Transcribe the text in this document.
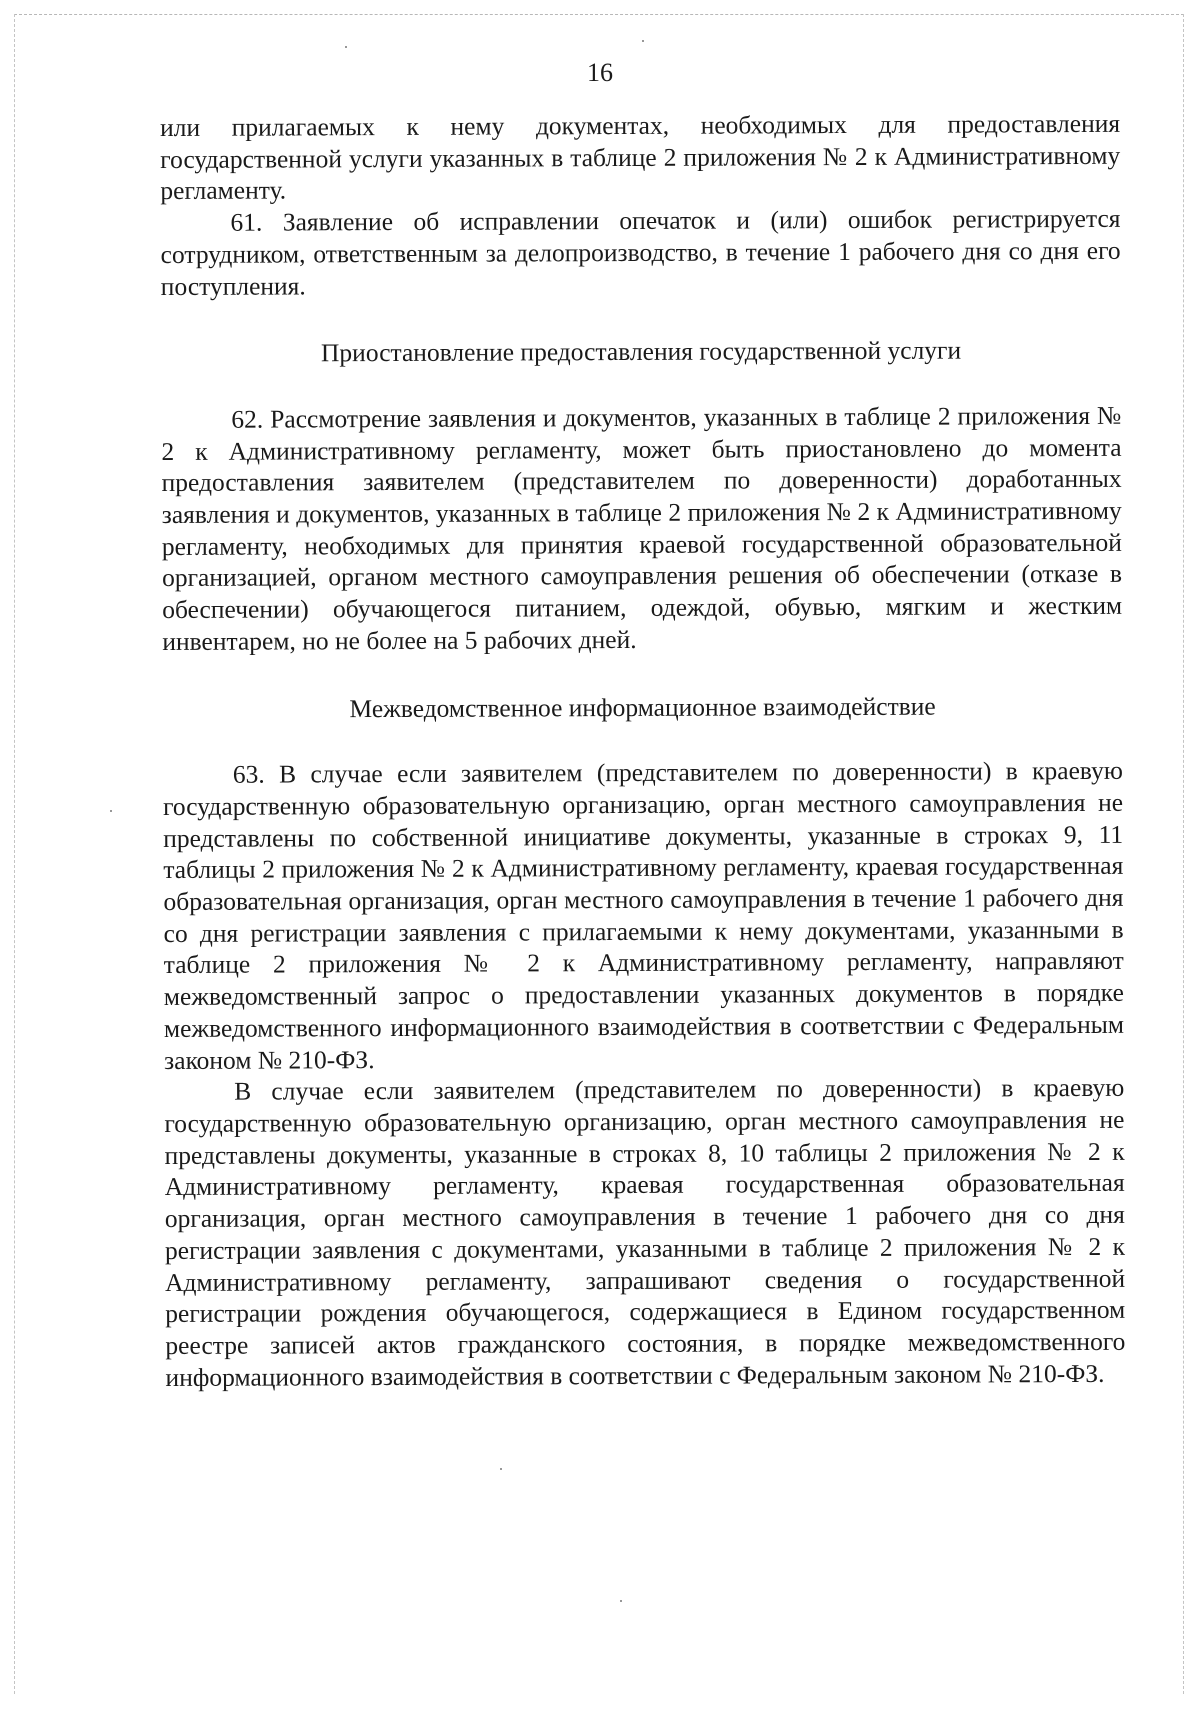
16

или прилагаемых к нему документах, необходимых для предоставления государственной услуги указанных в таблице 2 приложения № 2 к Административному регламенту.

61. Заявление об исправлении опечаток и (или) ошибок регистрируется сотрудником, ответственным за делопроизводство, в течение 1 рабочего дня со дня его поступления.

Приостановление предоставления государственной услуги

62. Рассмотрение заявления и документов, указанных в таблице 2 приложения № 2 к Административному регламенту, может быть приостановлено до момента предоставления заявителем (представителем по доверенности) доработанных заявления и документов, указанных в таблице 2 приложения № 2 к Административному регламенту, необходимых для принятия краевой государственной образовательной организацией, органом местного самоуправления решения об обеспечении (отказе в обеспечении) обучающегося питанием, одеждой, обувью, мягким и жестким инвентарем, но не более на 5 рабочих дней.

Межведомственное информационное взаимодействие

63. В случае если заявителем (представителем по доверенности) в краевую государственную образовательную организацию, орган местного самоуправления не представлены по собственной инициативе документы, указанные в строках 9, 11 таблицы 2 приложения № 2 к Административному регламенту, краевая государственная образовательная организация, орган местного самоуправления в течение 1 рабочего дня со дня регистрации заявления с прилагаемыми к нему документами, указанными в таблице 2 приложения № 2 к Административному регламенту, направляют межведомственный запрос о предоставлении указанных документов в порядке межведомственного информационного взаимодействия в соответствии с Федеральным законом № 210-ФЗ.

В случае если заявителем (представителем по доверенности) в краевую государственную образовательную организацию, орган местного самоуправления не представлены документы, указанные в строках 8, 10 таблицы 2 приложения № 2 к Административному регламенту, краевая государственная образовательная организация, орган местного самоуправления в течение 1 рабочего дня со дня регистрации заявления с документами, указанными в таблице 2 приложения № 2 к Административному регламенту, запрашивают сведения о государственной регистрации рождения обучающегося, содержащиеся в Едином государственном реестре записей актов гражданского состояния, в порядке межведомственного информационного взаимодействия в соответствии с Федеральным законом № 210-ФЗ.
